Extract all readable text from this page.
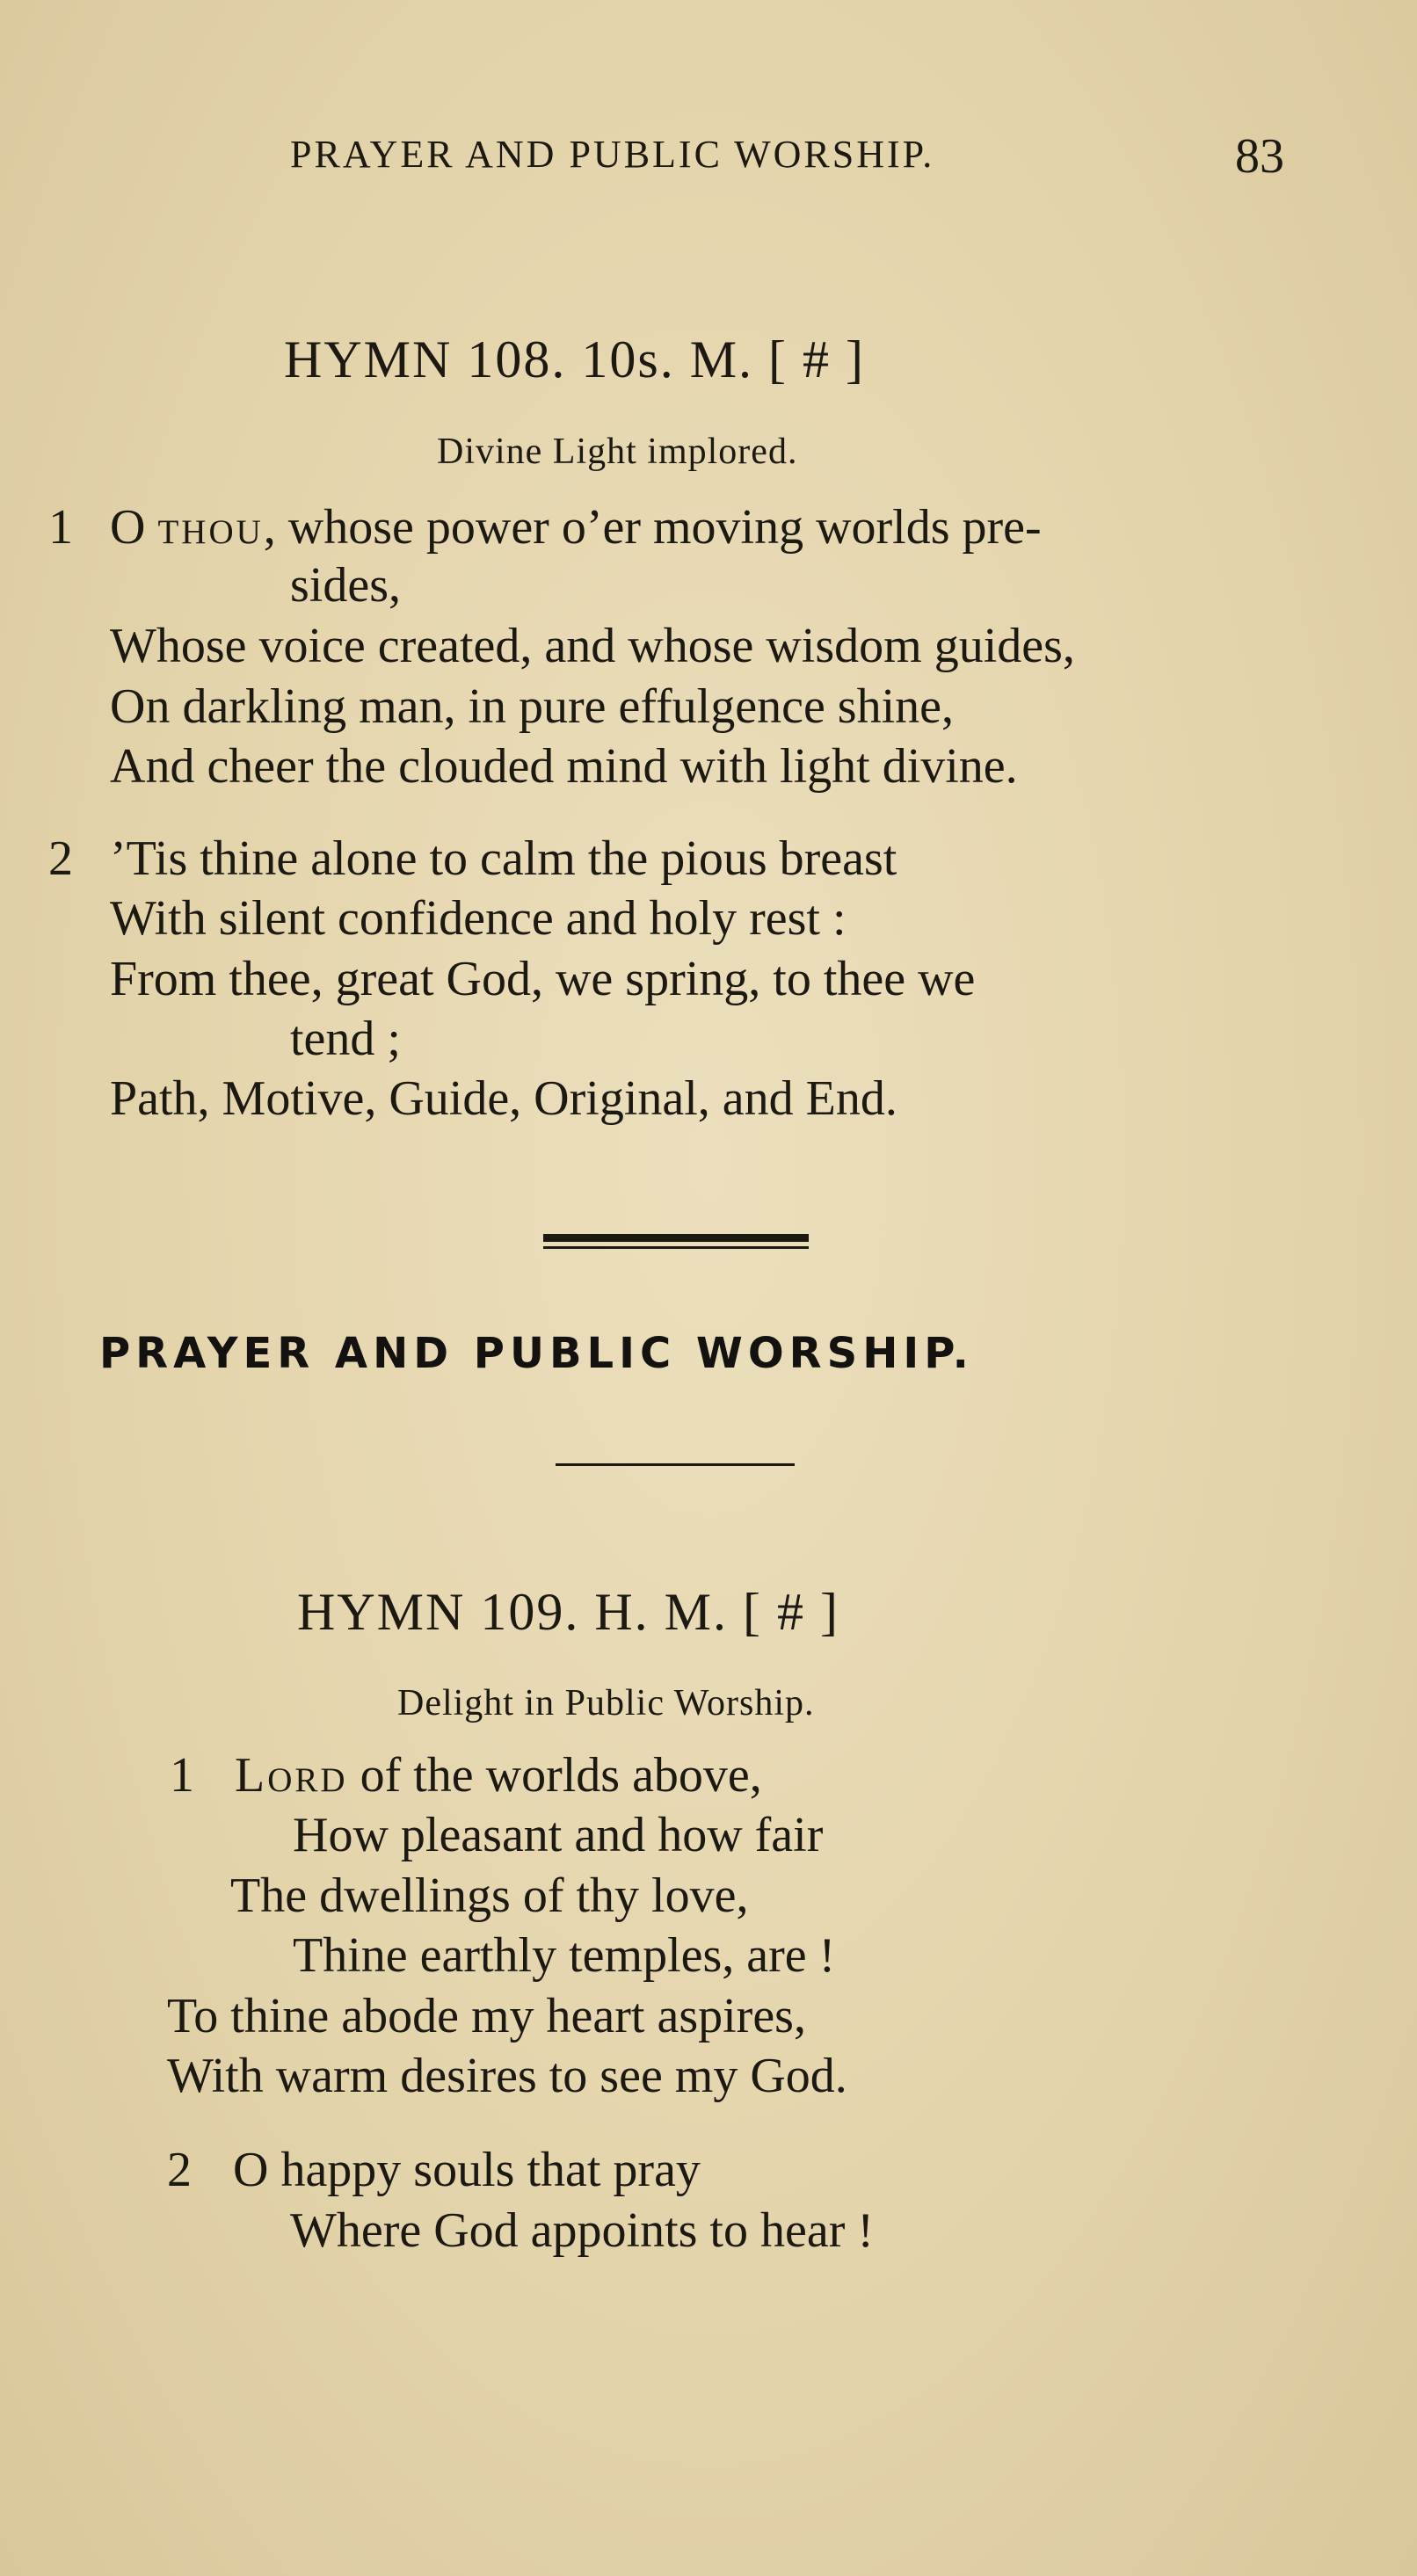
PRAYER AND PUBLIC WORSHIP.	83
HYMN 108. 10s. M. [ # ]
Divine Light implored.
1 O thou, whose power o’er moving worlds pre-
sides,
Whose voice created, and whose wisdom guides,
On darkling man, in pure effulgence shine,
And cheer the clouded mind with light divine.
2 ’Tis thine alone to calm the pious breast
With silent confidence and holy rest :
From thee, great God, we spring, to thee we
tend ;
Path, Motive, Guide, Original, and End.
PRAYER AND PUBLIC WORSHIP.
HYMN 109. H. M. [ # ]
Delight in Public Worship.
1 Lord of the worlds above,
How pleasant and how fair
The dwellings of thy love,
Thine earthly temples, are !
To thine abode my heart aspires,
With warm desires to see my God.
2 O happy souls that pray
Where God appoints to hear !
